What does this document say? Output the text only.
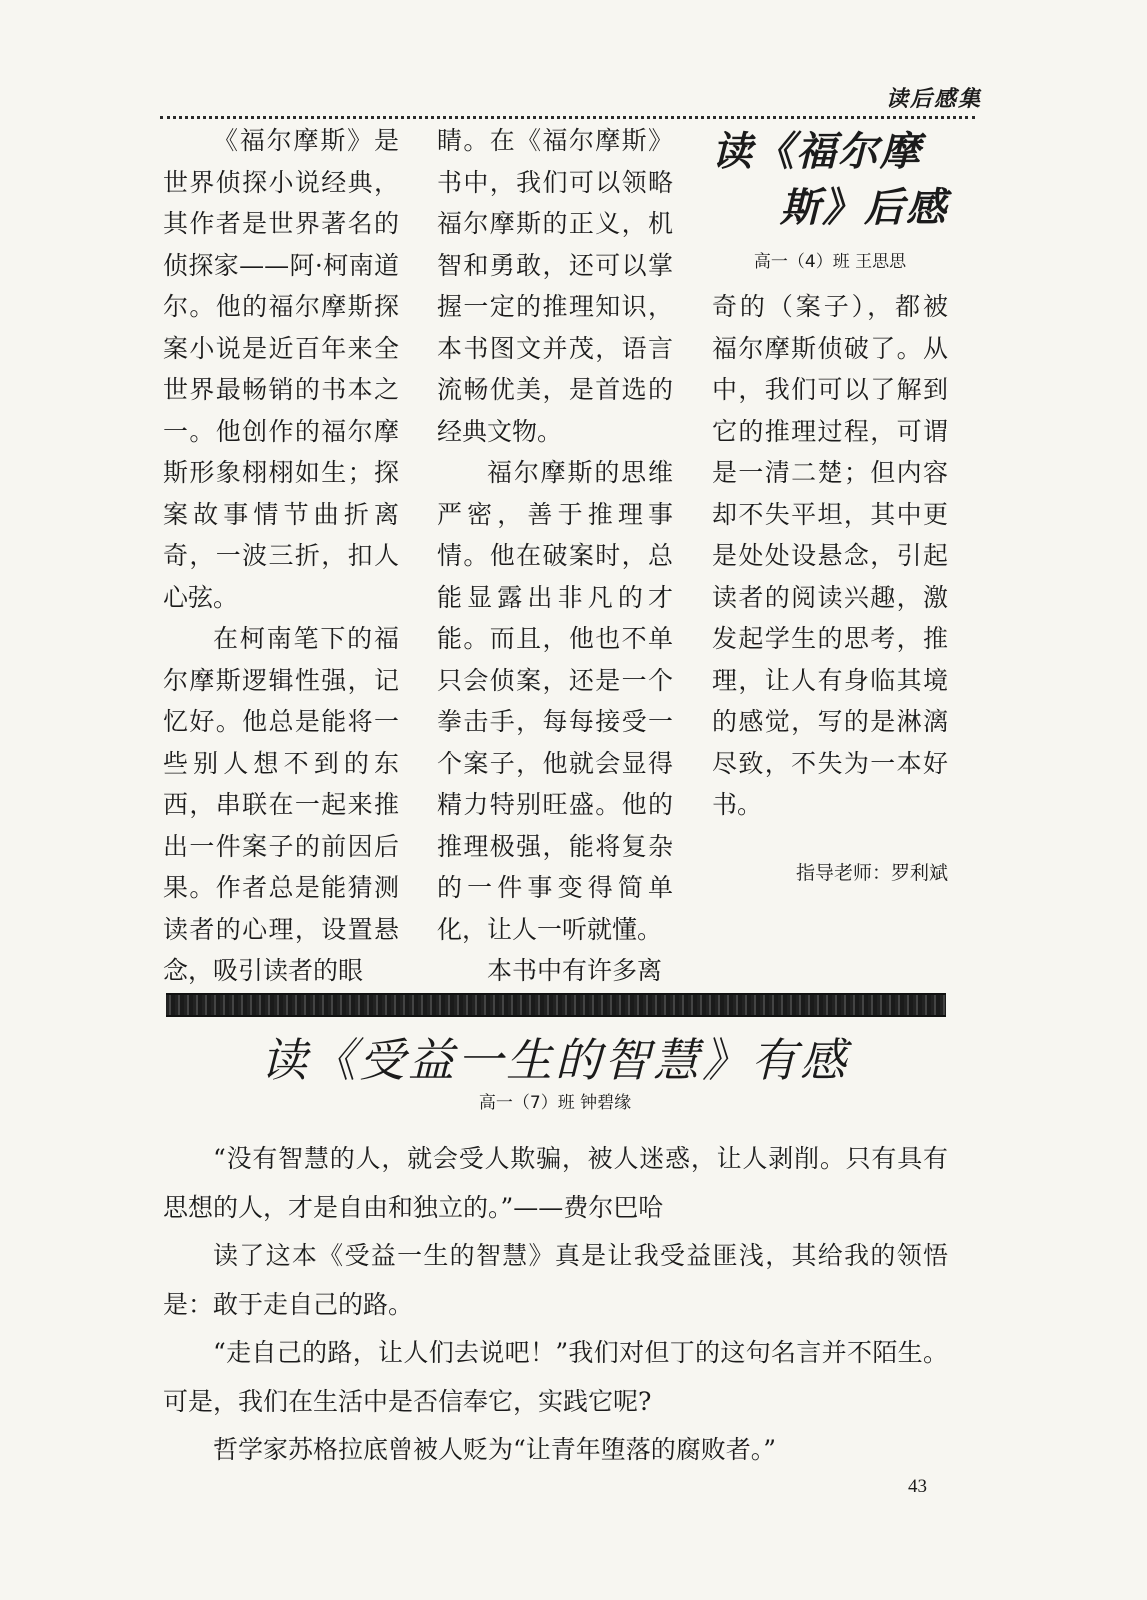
读后感集

《福尔摩斯》是世界侦探小说经典，其作者是世界著名的侦探家——阿·柯南道尔。他的福尔摩斯探案小说是近百年来全世界最畅销的书本之一。他创作的福尔摩斯形象栩栩如生；探案故事情节曲折离奇，一波三折，扣人心弦。

在柯南笔下的福尔摩斯逻辑性强，记忆好。他总是能将一些别人想不到的东西，串联在一起来推出一件案子的前因后果。作者总是能猜测读者的心理，设置悬念，吸引读者的眼

睛。在《福尔摩斯》书中，我们可以领略福尔摩斯的正义，机智和勇敢，还可以掌握一定的推理知识，本书图文并茂，语言流畅优美，是首选的经典文物。

福尔摩斯的思维严密，善于推理事情。他在破案时，总能显露出非凡的才能。而且，他也不单只会侦案，还是一个拳击手，每每接受一个案子，他就会显得精力特别旺盛。他的推理极强，能将复杂的一件事变得简单化，让人一听就懂。

本书中有许多离

读《福尔摩
斯》后感
高一（4）班 王思思

奇的（案子），都被福尔摩斯侦破了。从中，我们可以了解到它的推理过程，可谓是一清二楚；但内容却不失平坦，其中更是处处设悬念，引起读者的阅读兴趣，激发起学生的思考，推理，让人有身临其境的感觉，写的是淋漓尽致，不失为一本好书。

指导老师：罗利斌
读《受益一生的智慧》有感
高一（7）班 钟碧缘

“没有智慧的人，就会受人欺骗，被人迷惑，让人剥削。只有具有思想的人，才是自由和独立的。”——费尔巴哈

读了这本《受益一生的智慧》真是让我受益匪浅，其给我的领悟是：敢于走自己的路。

“走自己的路，让人们去说吧！”我们对但丁的这句名言并不陌生。可是，我们在生活中是否信奉它，实践它呢?

哲学家苏格拉底曾被人贬为“让青年堕落的腐败者。”

43
